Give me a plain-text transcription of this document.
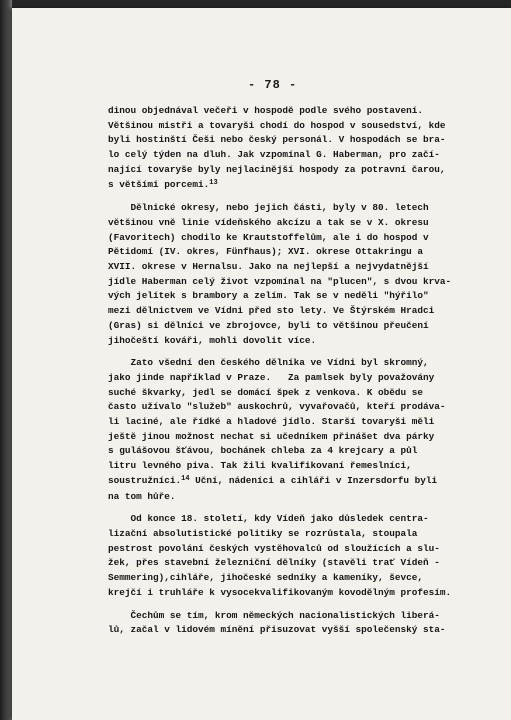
- 78 -
dinou objednával večeři v hospodě podle svého postavení.
Většinou mistři a tovaryši chodí do hospod v sousedství, kde
byli hostinští Češi nebo český personál. V hospodách se bra-
lo celý týden na dluh. Jak vzpomínal G. Haberman, pro začí-
nající tovaryše byly nejlacinější hospody za potravní čarou,
s většími porcemi.$^{13}$
Dělnické okresy, nebo jejich části, byly v 80. letech
většinou vně linie vídeňského akcízu a tak se v X. okresu
(Favoritech) chodilo ke Krautstoffelům, ale i do hospod v
Pětidomí (IV. okres, Fünfhaus); XVI. okrese Ottakringu a
XVII. okrese v Hernalsu. Jako na nejlepší a nejvydatnější
jídle Haberman celý život vzpomínal na "plucen", s dvou krva-
vých jelítek s brambory a zelím. Tak se v neděli "hýřilo"
mezi dělnictvem ve Vídni před sto lety. Ve Štýrském Hradci
(Gras) si dělníci ve zbrojovce, byli to většinou přeučení
jihočeští kováři, mohli dovolit více.
Zato všední den českého dělníka ve Vídni byl skromný,
jako jinde například v Praze.   Za pamlsek byly považovány
suché škvarky, jedl se domácí špek z venkova. K obědu se
často užívalo "služeb" auskochrů, vyvařovačů, kteří prodáva-
li laciné, ale řídké a hladové jídlo. Starší tovaryši měli
ještě jinou možnost nechat si učedníkem přinášet dva párky
s gulášovou šťávou, bochánek chleba za 4 krejcary a půl
litru levného piva. Tak žili kvalifikovaní řemeslníci,
soustružníci.$^{14}$ Uční, nádeníci a cihláři v Inzersdorfu byli
na tom hůře.
Od konce 18. století, kdy Vídeň jako důsledek centra-
lizační absolutistické politiky se rozrůstala, stoupala
pestrost povolání českých vystěhovalců od sloužících a slu-
žek, přes stavební železniční dělníky (stavěli trať Vídeň -
Semmering),cihláře, jihočeské sedníky a kameníky, ševce,
krejčí i truhláře k vysocekvalifikovaným kovodělným profesím.
Čechům se tím, krom německých nacionalistických liberá-
lů, začal v lidovém mínění přisuzovat vyšší společenský sta-
